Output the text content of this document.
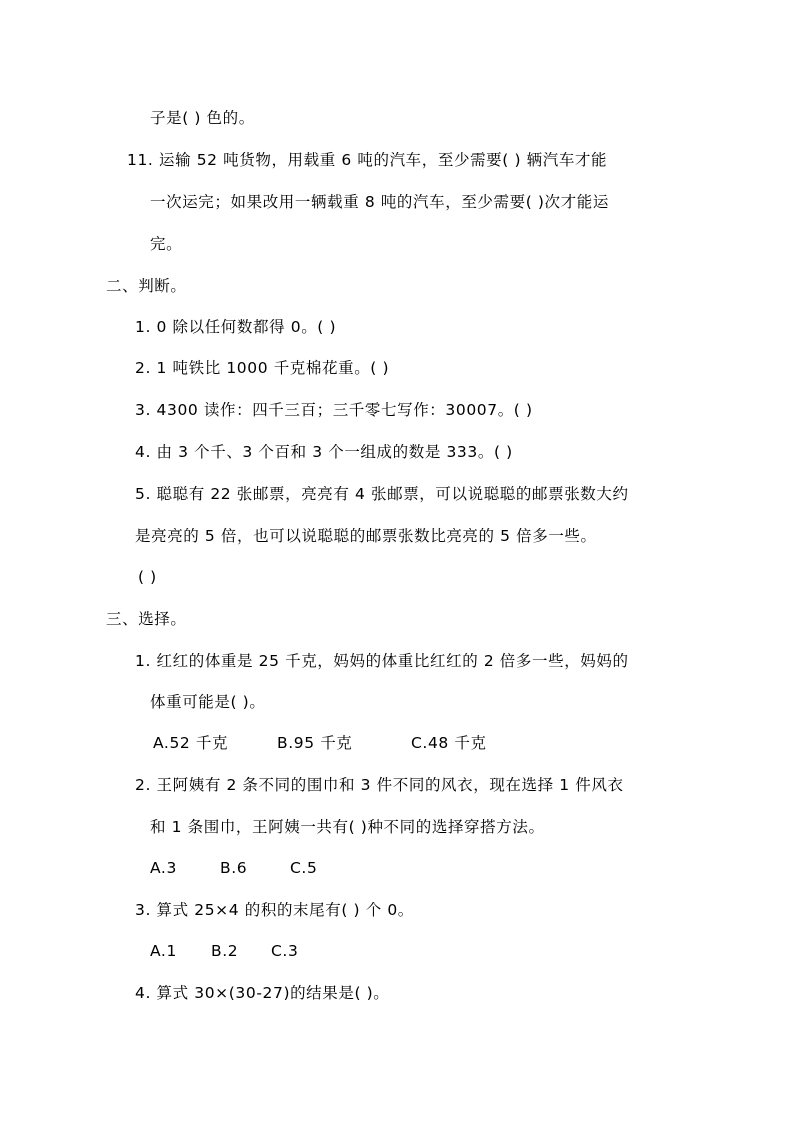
子是( ) 色的。
11. 运输 52 吨货物，用载重 6 吨的汽车，至少需要( ) 辆汽车才能
一次运完；如果改用一辆载重 8 吨的汽车，至少需要( )次才能运
完。
二、判断。
1. 0 除以任何数都得 0。( )
2. 1 吨铁比 1000 千克棉花重。( )
3. 4300 读作：四千三百；三千零七写作：30007。( )
4. 由 3 个千、3 个百和 3 个一组成的数是 333。( )
5. 聪聪有 22 张邮票，亮亮有 4 张邮票，可以说聪聪的邮票张数大约
是亮亮的 5 倍，也可以说聪聪的邮票张数比亮亮的 5 倍多一些。
( )
三、选择。
1. 红红的体重是 25 千克，妈妈的体重比红红的 2 倍多一些，妈妈的
体重可能是( )。
A.52 千克	B.95 千克	C.48 千克
2. 王阿姨有 2 条不同的围巾和 3 件不同的风衣，现在选择 1 件风衣
和 1 条围巾，王阿姨一共有( )种不同的选择穿搭方法。
A.3	B.6	C.5
3. 算式 25×4 的积的末尾有( ) 个 0。
A.1 B.2 C.3
4. 算式 30×(30-27)的结果是( )。
